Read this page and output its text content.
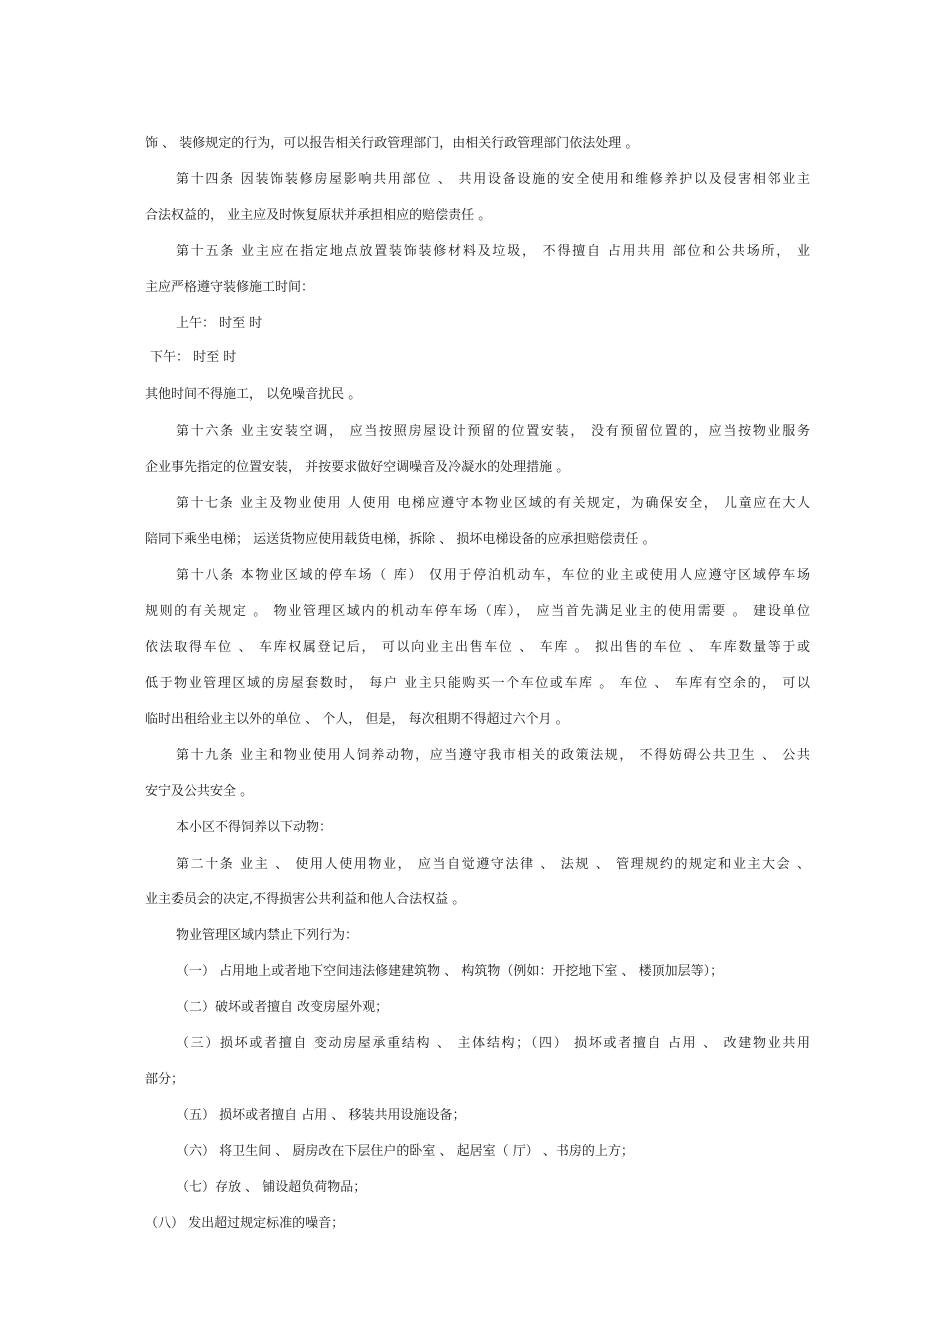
饰 、 装修规定的行为，可以报告相关行政管理部门，由相关行政管理部门依法处理 。
第十四条 因装饰装修房屋影响共用部位 、 共用设备设施的安全使用和维修养护以及侵害相邻业主
合法权益的， 业主应及时恢复原状并承担相应的赔偿责任 。
第十五条 业主应在指定地点放置装饰装修材料及垃圾， 不得擅自 占用共用 部位和公共场所， 业
主应严格遵守装修施工时间：
上午： 时至 时
下午： 时至 时
其他时间不得施工， 以免噪音扰民 。
第十六条 业主安装空调， 应当按照房屋设计预留的位置安装， 没有预留位置的，应当按物业服务
企业事先指定的位置安装， 并按要求做好空调噪音及冷凝水的处理措施 。
第十七条 业主及物业使用 人使用 电梯应遵守本物业区域的有关规定，为确保安全， 儿童应在大人
陪同下乘坐电梯； 运送货物应使用载货电梯，拆除 、 损坏电梯设备的应承担赔偿责任 。
第十八条 本物业区域的停车场（ 库） 仅用于停泊机动车，车位的业主或使用人应遵守区域停车场
规则的有关规定 。 物业管理区域内的机动车停车场（库）， 应当首先满足业主的使用需要 。 建设单位
依法取得车位 、 车库权属登记后， 可以向业主出售车位 、 车库 。 拟出售的车位 、 车库数量等于或
低于物业管理区域的房屋套数时， 每户 业主只能购买一个车位或车库 。 车位 、 车库有空余的， 可以
临时出租给业主以外的单位 、 个人， 但是， 每次租期不得超过六个月 。
第十九条 业主和物业使用人饲养动物，应当遵守我市相关的政策法规， 不得妨碍公共卫生 、 公共
安宁及公共安全 。
本小区不得饲养以下动物：
第二十条 业主 、 使用人使用物业， 应当自觉遵守法律 、 法规 、 管理规约的规定和业主大会 、
业主委员会的决定,不得损害公共利益和他人合法权益 。
物业管理区域内禁止下列行为：
（一） 占用地上或者地下空间违法修建建筑物 、 构筑物（例如：开挖地下室 、 楼顶加层等）；
（二）破坏或者擅自 改变房屋外观；
（三）损坏或者擅自 变动房屋承重结构 、 主体结构；（四） 损坏或者擅自 占用 、 改建物业共用
部分；
（五） 损坏或者擅自 占用 、 移装共用设施设备；
（六） 将卫生间 、 厨房改在下层住户的卧室 、 起居室（ 厅） 、书房的上方；
（七）存放 、 铺设超负荷物品；
（八） 发出超过规定标准的噪音；
